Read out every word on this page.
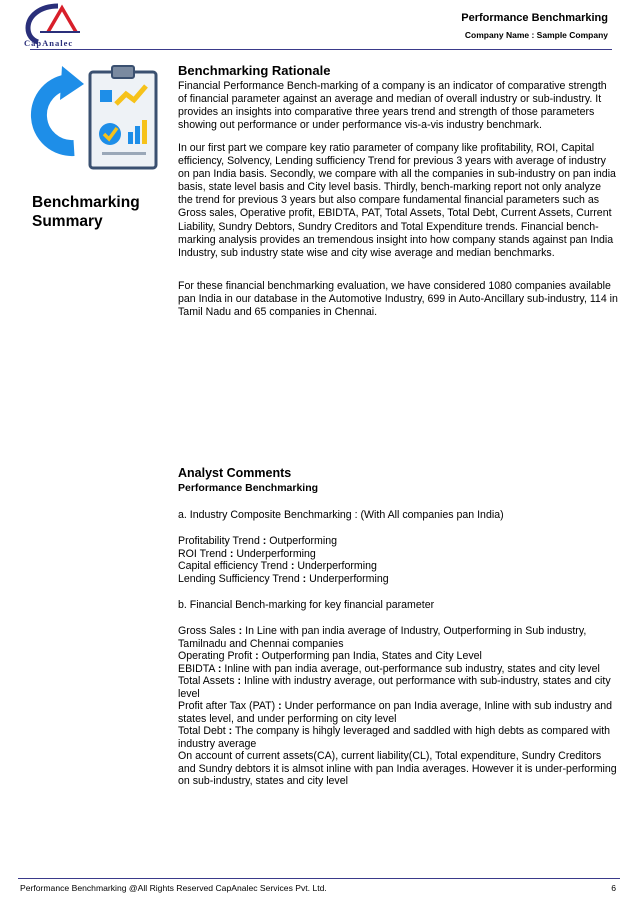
CapAnalec
Performance Benchmarking
Company Name : Sample Company
Benchmarking
Summary
Benchmarking Rationale
Financial Performance Bench-marking of a company is an indicator of comparative strength of financial parameter against an average and median of overall industry or sub-industry. It provides an insights into comparative three years trend and strength of those parameters showing out performance or under performance vis-a-vis industry benchmark.
In our first part we compare key ratio parameter of company like profitability, ROI, Capital efficiency, Solvency, Lending sufficiency Trend for previous 3 years with average of industry on pan India basis. Secondly, we compare with all the companies in sub-industry on pan india basis, state level basis and City level basis. Thirdly, bench-marking report not only analyze the trend for previous 3 years but also compare fundamental financial parameters such as Gross sales, Operative profit, EBIDTA, PAT, Total Assets, Total Debt, Current Assets, Current Liability, Sundry Debtors, Sundry Creditors and Total Expenditure trends. Financial bench-marking analysis provides an tremendous insight into how company stands against pan India Industry, sub industry state wise and city wise average and median benchmarks.
For these financial benchmarking evaluation, we have considered 1080 companies available pan India in our database in the Automotive Industry, 699 in Auto-Ancillary sub-industry, 114 in Tamil Nadu and 65 companies in Chennai.
Analyst Comments
Performance Benchmarking
a. Industry Composite Benchmarking : (With All companies pan India)
Profitability Trend : Outperforming
ROI Trend : Underperforming
Capital efficiency Trend : Underperforming
Lending Sufficiency Trend : Underperforming
b. Financial Bench-marking for key financial parameter
Gross Sales : In Line with pan india average of Industry, Outperforming in Sub industry, Tamilnadu and Chennai companies
Operating Profit : Outperforming pan India, States and City Level
EBIDTA : Inline with pan india average, out-performance sub industry, states and city level
Total Assets : Inline with industry average, out performance with sub-industry, states and city level
Profit after Tax (PAT) : Under performance on pan India average, Inline with sub industry and states level, and under performing on city level
Total Debt : The company is hihgly leveraged and saddled with high debts as compared with industry average
On account of current assets(CA), current liability(CL), Total expenditure, Sundry Creditors and Sundry debtors it is almsot inline with pan India averages. However it is under-performing on sub-industry, states and city level
Performance Benchmarking @All Rights Reserved CapAnalec Services Pvt. Ltd.	6
